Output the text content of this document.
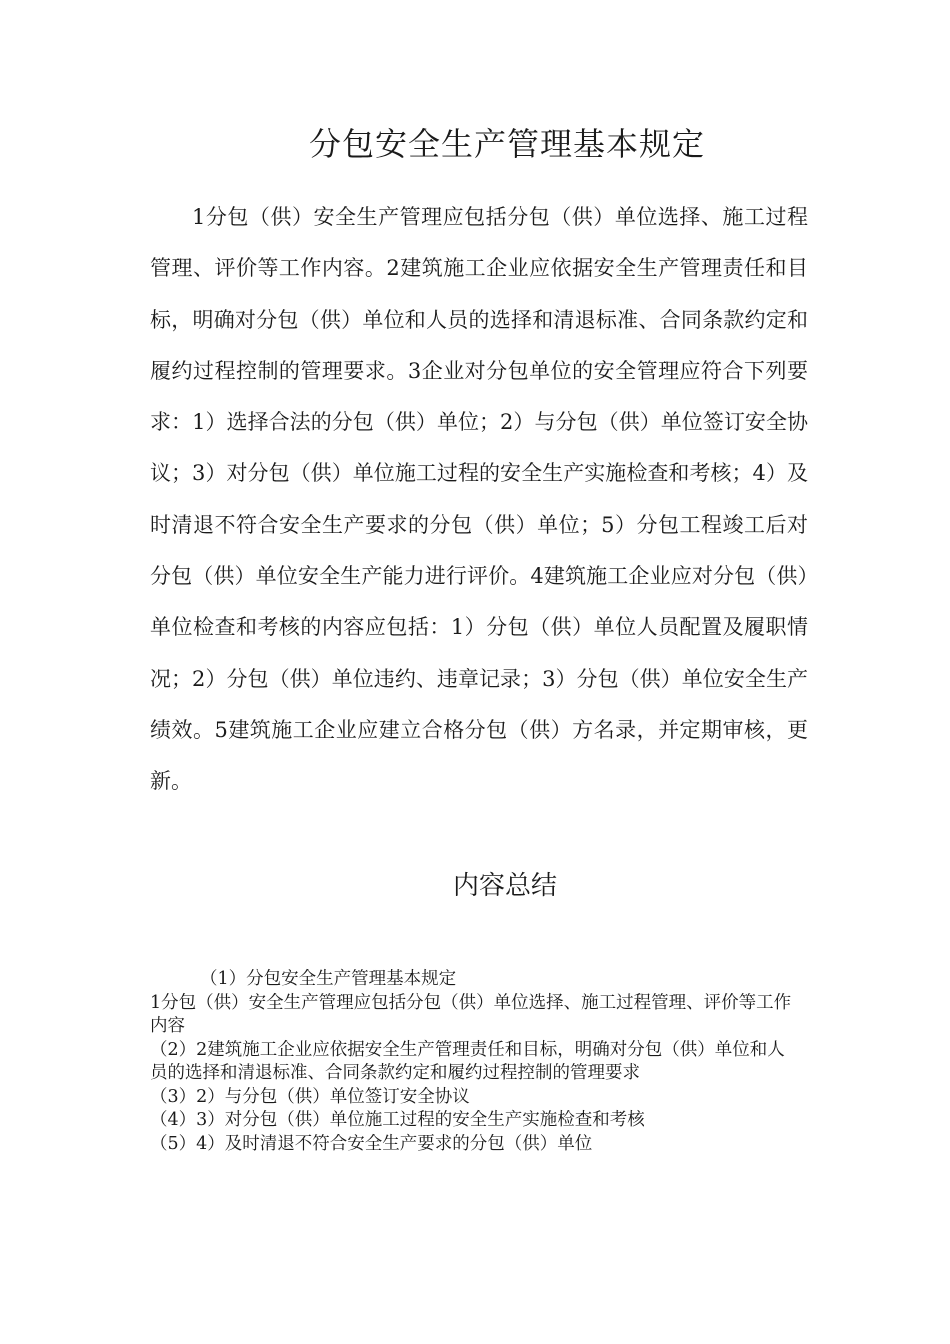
分包安全生产管理基本规定

1分包（供）安全生产管理应包括分包（供）单位选择、施工过程管理、评价等工作内容。2建筑施工企业应依据安全生产管理责任和目标，明确对分包（供）单位和人员的选择和清退标准、合同条款约定和履约过程控制的管理要求。3企业对分包单位的安全管理应符合下列要求：1）选择合法的分包（供）单位；2）与分包（供）单位签订安全协议；3）对分包（供）单位施工过程的安全生产实施检查和考核；4）及时清退不符合安全生产要求的分包（供）单位；5）分包工程竣工后对分包（供）单位安全生产能力进行评价。4建筑施工企业应对分包（供）单位检查和考核的内容应包括：1）分包（供）单位人员配置及履职情况；2）分包（供）单位违约、违章记录；3）分包（供）单位安全生产绩效。5建筑施工企业应建立合格分包（供）方名录，并定期审核，更新。

内容总结

（1）分包安全生产管理基本规定

1分包（供）安全生产管理应包括分包（供）单位选择、施工过程管理、评价等工作内容

（2）2建筑施工企业应依据安全生产管理责任和目标，明确对分包（供）单位和人员的选择和清退标准、合同条款约定和履约过程控制的管理要求

（3）2）与分包（供）单位签订安全协议

（4）3）对分包（供）单位施工过程的安全生产实施检查和考核

（5）4）及时清退不符合安全生产要求的分包（供）单位
